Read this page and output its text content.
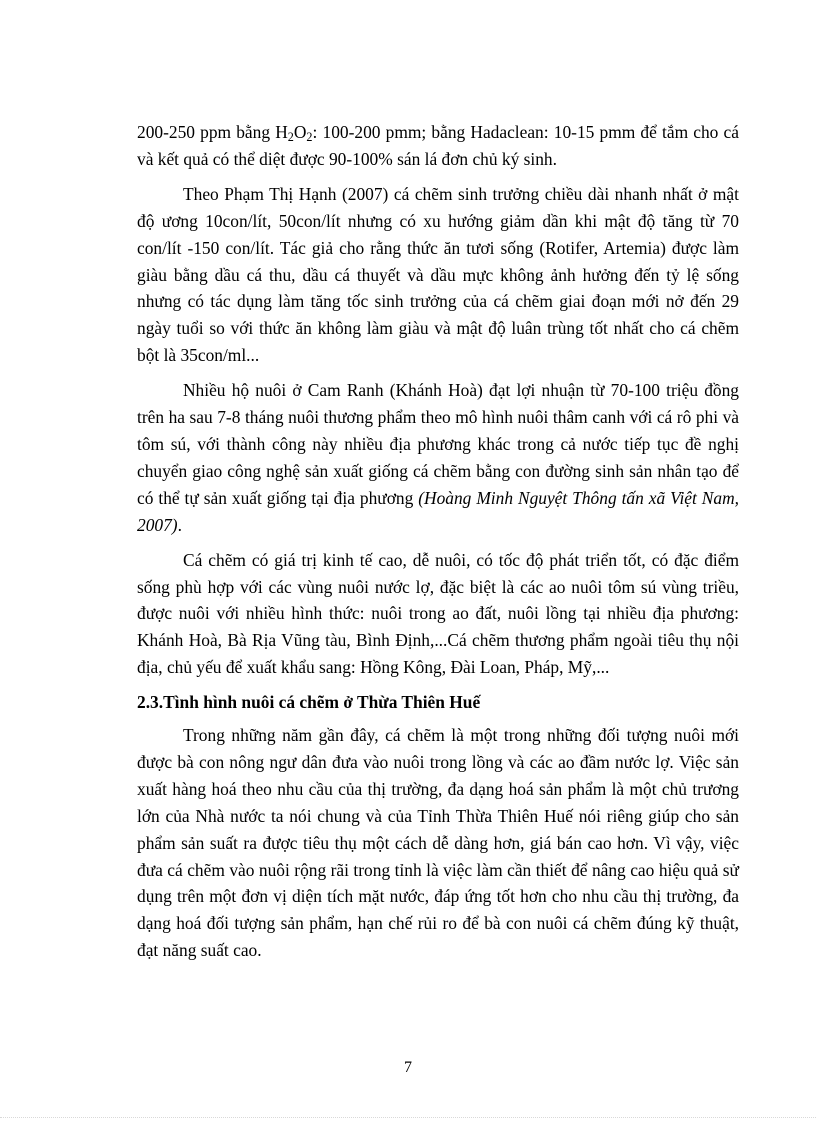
200-250 ppm bằng $H_2O_2$: 100-200 pmm; bằng Hadaclean: 10-15 pmm để tắm cho cá và kết quả có thể diệt được 90-100% sán lá đơn chủ ký sinh.

Theo Phạm Thị Hạnh (2007) cá chẽm sinh trưởng chiều dài nhanh nhất ở mật độ ương 10con/lít, 50con/lít nhưng có xu hướng giảm dần khi mật độ tăng từ 70 con/lít -150 con/lít. Tác giả cho rằng thức ăn tươi sống (Rotifer, Artemia) được làm giàu bằng dầu cá thu, dầu cá thuyết và dầu mực không ảnh hưởng đến tỷ lệ sống nhưng có tác dụng làm tăng tốc sinh trưởng của cá chẽm giai đoạn mới nở đến 29 ngày tuổi so với thức ăn không làm giàu và mật độ luân trùng tốt nhất cho cá chẽm bột là 35con/ml...

Nhiều hộ nuôi ở Cam Ranh (Khánh Hoà) đạt lợi nhuận từ 70-100 triệu đồng trên ha sau 7-8 tháng nuôi thương phẩm theo mô hình nuôi thâm canh với cá rô phi và tôm sú, với thành công này nhiều địa phương khác trong cả nước tiếp tục đề nghị chuyển giao công nghệ sản xuất giống cá chẽm bằng con đường sinh sản nhân tạo để có thể tự sản xuất giống tại địa phương (Hoàng Minh Nguyệt Thông tấn xã Việt Nam, 2007).

Cá chẽm có giá trị kinh tế cao, dễ nuôi, có tốc độ phát triển tốt, có đặc điểm sống phù hợp với các vùng nuôi nước lợ, đặc biệt là các ao nuôi tôm sú vùng triều, được nuôi với nhiều hình thức: nuôi trong ao đất, nuôi lồng tại nhiều địa phương: Khánh Hoà, Bà Rịa Vũng tàu, Bình Định,...Cá chẽm thương phẩm ngoài tiêu thụ nội địa, chủ yếu để xuất khẩu sang: Hồng Kông, Đài Loan, Pháp, Mỹ,...

2.3.Tình hình nuôi cá chẽm ở Thừa Thiên Huế

Trong những năm gần đây, cá chẽm là một trong những đối tượng nuôi mới được bà con nông ngư dân đưa vào nuôi trong lồng và các ao đầm nước lợ. Việc sản xuất hàng hoá theo nhu cầu của thị trường, đa dạng hoá sản phẩm là một chủ trương lớn của Nhà nước ta nói chung và của Tỉnh Thừa Thiên Huế nói riêng giúp cho sản phẩm sản suất ra được tiêu thụ một cách dễ dàng hơn, giá bán cao hơn. Vì vậy, việc đưa cá chẽm vào nuôi rộng rãi trong tỉnh là việc làm cần thiết để nâng cao hiệu quả sử dụng trên một đơn vị diện tích mặt nước, đáp ứng tốt hơn cho nhu cầu thị trường, đa dạng hoá đối tượng sản phẩm, hạn chế rủi ro để bà con nuôi cá chẽm đúng kỹ thuật, đạt năng suất cao.

7
